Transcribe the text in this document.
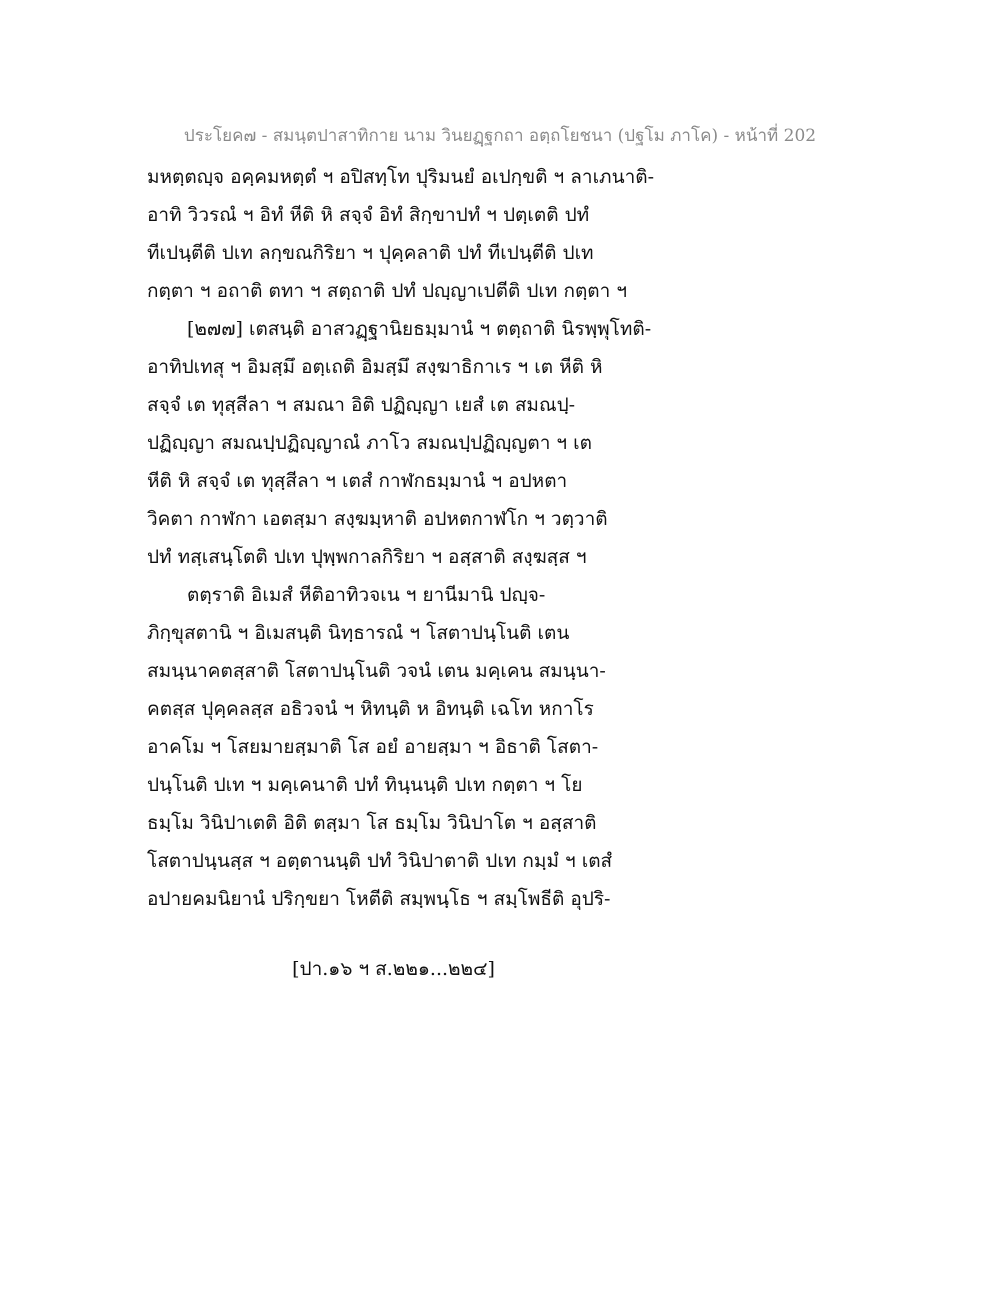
ประโยค๗ - สมนฺตปาสาทิกาย นาม วินยฏฺฐกถา อตฺถโยชนา (ปฐโม ภาโค) - หน้าที่ 202
มหตฺตญฺจ อคฺคมหตฺตํ ฯ อปิสทฺโท ปุริมนยํ อเปกฺขติ ฯ ลาเภนาติ-
อาทิ วิวรณํ ฯ อิทํ หีติ หิ สจฺจํ อิทํ สิกฺขาปทํ ฯ ปตฺเตติ ปทํ
ทีเปนฺตีติ ปเท ลกฺขณกิริยา ฯ ปุคฺคลาติ ปทํ ทีเปนฺตีติ ปเท
กตฺตา ฯ อถาติ ตทา ฯ สตฺถาติ ปทํ ปญฺญาเปตีติ ปเท กตฺตา ฯ
[๒๗๗] เตสนฺติ อาสวฏฺฐานิยธมฺมานํ ฯ ตตฺถาติ นิรพฺพุโทติ-
อาทิปเทสุ ฯ อิมสฺมึ อตฺเถติ อิมสฺมึ สงฺฆาธิกาเร ฯ เต หีติ หิ
สจฺจํ เต ทุสฺสีลา ฯ สมณา อิติ ปฏิญฺญา เยสํ เต สมณปฺ-
ปฏิญฺญา สมณปฺปฏิญฺญาณํ ภาโว สมณปฺปฏิญฺญตา ฯ เต
หีติ หิ สจฺจํ เต ทุสฺสีลา ฯ เตสํ กาฬกธมฺมานํ ฯ อปหตา
วิคตา กาฬกา เอตสฺมา สงฺฆมฺหาติ อปหตกาฬโก ฯ วตฺวาติ
ปทํ ทสฺเสนฺโตติ ปเท ปุพฺพกาลกิริยา ฯ อสฺสาติ สงฺฆสฺส ฯ
ตตฺราติ อิเมสํ หีติอาทิวจเน ฯ ยานีมานิ ปญฺจ-
ภิกฺขุสตานิ ฯ อิเมสนฺติ นิทฺธารณํ ฯ โสตาปนฺโนติ เตน
สมนฺนาคตสฺสาติ โสตาปนฺโนติ วจนํ เตน มคฺเคน สมนฺนา-
คตสฺส ปุคฺคลสฺส อธิวจนํ ฯ หิทนฺติ ห อิทนฺติ เฉโท หกาโร
อาคโม ฯ โสยมายสฺมาติ โส อยํ อายสฺมา ฯ อิธาติ โสตา-
ปนฺโนติ ปเท ฯ มคฺเคนาติ ปทํ ทินฺนนฺติ ปเท กตฺตา ฯ โย
ธมฺโม วินิปาเตติ อิติ ตสฺมา โส ธมฺโม วินิปาโต ฯ อสฺสาติ
โสตาปนฺนสฺส ฯ อตฺตานนฺติ ปทํ วินิปาตาติ ปเท กมฺมํ ฯ เตสํ
อปายคมนิยานํ ปริกฺขยา โหตีติ สมฺพนฺโธ ฯ สมฺโพธีติ อุปริ-
[ปา.๑๖ ฯ ส.๒๒๑...๒๒๔]
